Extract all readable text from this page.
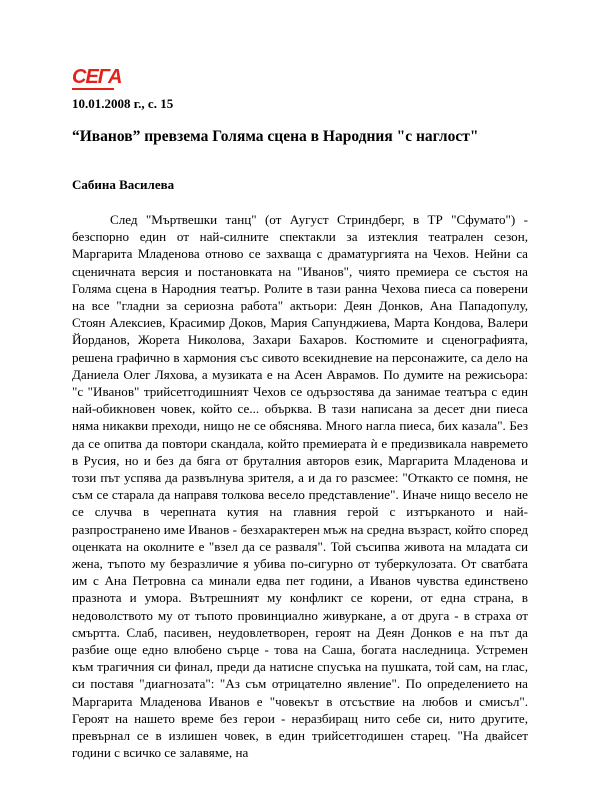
СЕГА
10.01.2008 г., с. 15
“Иванов” превзема Голяма сцена в Народния "с наглост"
Сабина Василева

След "Мъртвешки танц" (от Аугуст Стриндберг, в ТР "Сфумато") - безспорно един от най-силните спектакли за изтеклия театрален сезон, Маргарита Младенова отново се захваща с драматургията на Чехов. Нейни са сценичната версия и постановката на "Иванов", чиято премиера се състоя на Голяма сцена в Народния театър. Ролите в тази ранна Чехова пиеса са поверени на все "гладни за сериозна работа" актьори: Деян Донков, Ана Пападопулу, Стоян Алексиев, Красимир Доков, Мария Сапунджиева, Марта Кондова, Валери Йорданов, Жорета Николова, Захари Бахаров. Костюмите и сценографията, решена графично в хармония със сивото всекидневие на персонажите, са дело на Даниела Олег Ляхова, а музиката е на Асен Аврамов. По думите на режисьора: "с "Иванов" трийсетгодишният Чехов се одързостява да занимае театъра с един най-обикновен човек, който се... обърква. В тази написана за десет дни пиеса няма никакви преходи, нищо не се обяснява. Много нагла пиеса, бих казала". Без да се опитва да повтори скандала, който премиерата ѝ е предизвикала навремето в Русия, но и без да бяга от бруталния авторов език, Маргарита Младенова и този път успява да развълнува зрителя, а и да го разсмее: "Откакто се помня, не съм се старала да направя толкова весело представление". Иначе нищо весело не се случва в черепната кутия на главния герой с изтърканото и най-разпространено име Иванов - безхарактерен мъж на средна възраст, който според оценката на околните е "взел да се разваля". Той съсипва живота на младата си жена, тъпото му безразличие я убива по-сигурно от туберкулозата. От сватбата им с Ана Петровна са минали едва пет години, а Иванов чувства единствено празнота и умора. Вътрешният му конфликт се корени, от една страна, в недоволството му от тъпото провинциално живуркане, а от друга - в страха от смъртта. Слаб, пасивен, неудовлетворен, героят на Деян Донков е на път да разбие още едно влюбено сърце - това на Саша, богата наследница. Устремен към трагичния си финал, преди да натисне спусъка на пушката, той сам, на глас, си поставя "диагнозата": "Аз съм отрицателно явление". По определението на Маргарита Младенова Иванов е "човекът в отсъствие на любов и смисъл". Героят на нашето време без герои - неразбиращ нито себе си, нито другите, превърнал се в излишен човек, в един трийсетгодишен старец. "На двайсет години с всичко се залавяме, на
